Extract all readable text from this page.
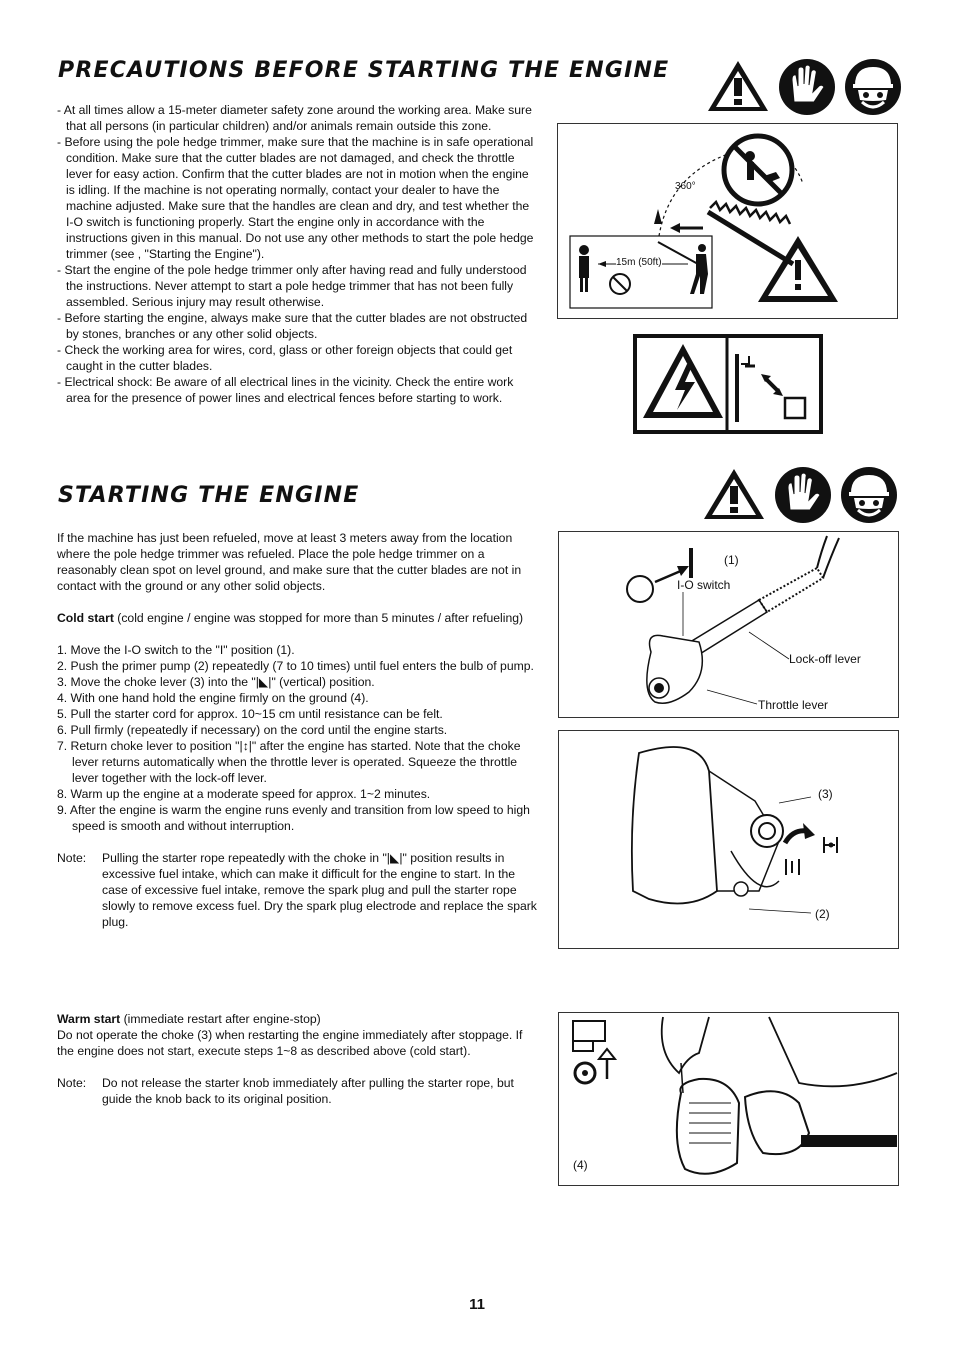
PRECAUTIONS BEFORE STARTING THE ENGINE

- At all times allow a 15-meter diameter safety zone around the working area. Make sure that all persons (in particular children) and/or animals remain outside this zone.

- Before using the pole hedge trimmer, make sure that the machine is in safe operational condition. Make sure that the cutter blades are not damaged, and check the throttle lever for easy action. Confirm that the cutter blades are not in motion when the engine is idling. If the machine is not operating normally, contact your dealer to have the machine adjusted. Make sure that the handles are clean and dry, and test whether the I-O switch is functioning properly. Start the engine only in accordance with the instructions given in this manual. Do not use any other methods to start the pole hedge trimmer (see , "Starting the Engine").

- Start the engine of the pole hedge trimmer only after having read and fully understood the instructions. Never attempt to start a pole hedge trimmer that has not been fully assembled. Serious injury may result otherwise.

- Before starting the engine, always make sure that the cutter blades are not obstructed by stones, branches or any other solid objects.

- Check the working area for wires, cord, glass or other foreign objects that could get caught in the cutter blades.

- Electrical shock: Be aware of all electrical lines in the vicinity. Check the entire work area for the presence of power lines and electrical fences before starting to work.

360°
15m (50ft)
STARTING THE ENGINE

If the machine has just been refueled, move at least 3 meters away from the location where the pole hedge trimmer was refueled. Place the pole hedge trimmer on a reasonably clean spot on level ground, and make sure that the cutter blades are not in contact with the ground or any other solid objects.

Cold start (cold engine / engine was stopped for more than 5 minutes / after refueling)

1. Move the I-O switch to the "I" position (1).

2. Push the primer pump (2) repeatedly (7 to 10 times) until fuel enters the bulb of pump.

3. Move the choke lever (3) into the "|◣|" (vertical) position.

4. With one hand hold the engine firmly on the ground (4).

5. Pull the starter cord for approx. 10~15 cm until resistance can be felt.

6. Pull firmly (repeatedly if necessary) on the cord until the engine starts.

7. Return choke lever to position "|↕|" after the engine has started. Note that the choke lever returns automatically when the throttle lever is operated. Squeeze the throttle lever together with the lock-off lever.

8. Warm up the engine at a moderate speed for approx. 1~2 minutes.

9. After the engine is warm the engine runs evenly and transition from low speed to high speed is smooth and without interruption.

Note:	Pulling the starter rope repeatedly with the choke in "|◣|" position results in excessive fuel intake, which can make it difficult for the engine to start. In the case of excessive fuel intake, remove the spark plug and pull the starter rope slowly to remove excess fuel. Dry the spark plug electrode and replace the spark plug.

Warm start (immediate restart after engine-stop)

Do not operate the choke (3) when restarting the engine immediately after stoppage. If the engine does not start, execute steps 1~8 as described above (cold start).

Note:	Do not release the starter knob immediately after pulling the starter rope, but guide the knob back to its original position.
(1)
I-O switch
Lock-off lever
Throttle lever
(3)
(2)
(4)
11
